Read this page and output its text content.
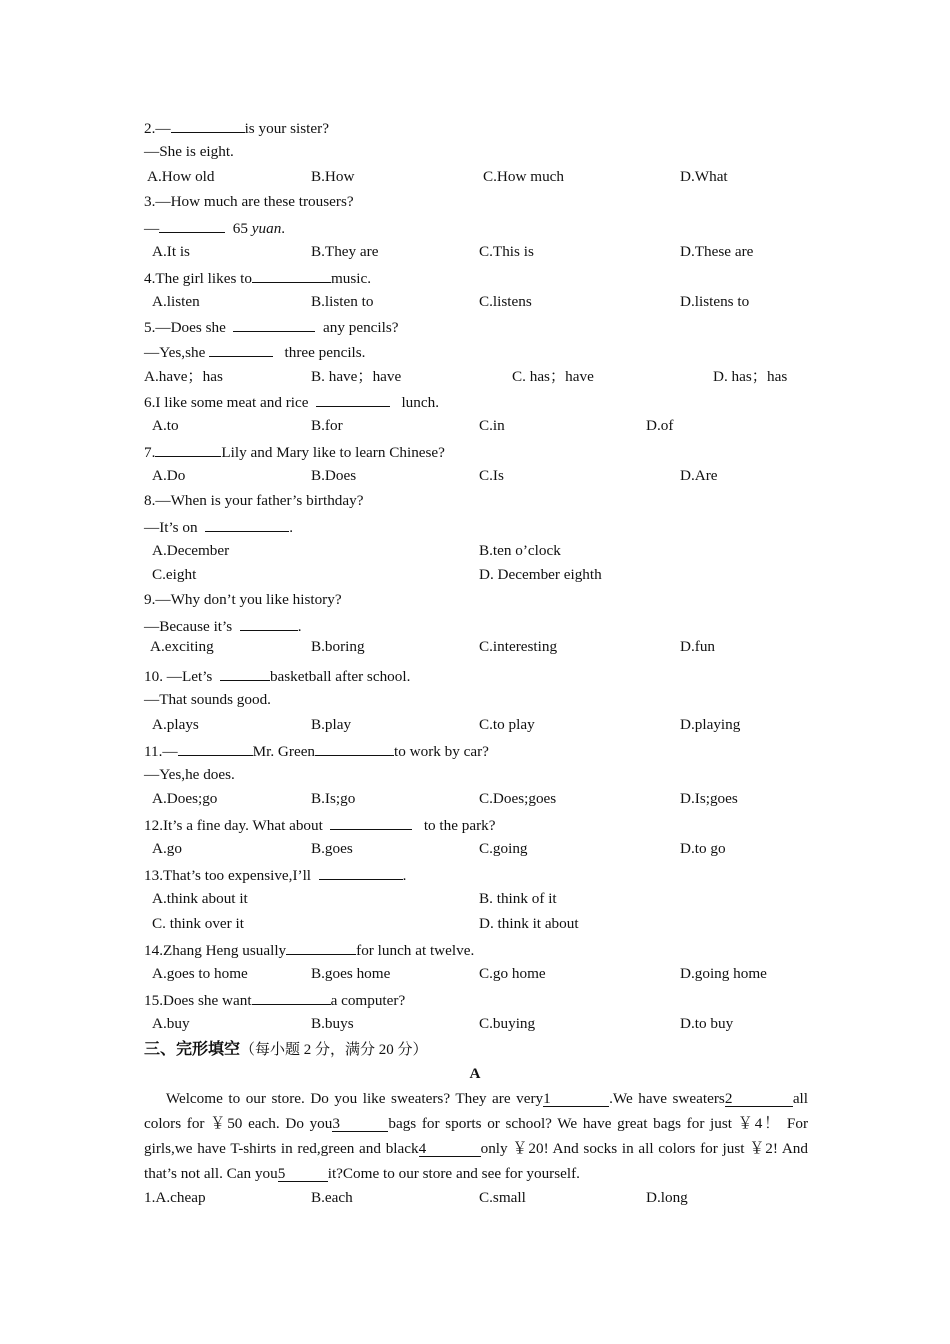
2.—	is your sister?
—She is eight.
A.How old	B.How	C.How much	D.What
3.—How much are these trousers?
—	65 yuan.
A.It is	B.They are	C.This is	D.These are
4.The girl likes to	music.
A.listen	B.listen to	C.listens	D.listens to
5.—Does she	any pencils?
—Yes,she	three pencils.
A.have；has	B. have；have	C. has；have	D. has；has
6.I like some meat and rice	lunch.
A.to	B.for	C.in	D.of
7.	Lily and Mary like to learn Chinese?
A.Do	B.Does	C.Is	D.Are
8.—When is your father’s birthday?
—It’s on	.
A.December	B.ten o’clock
C.eight	D. December eighth
9.—Why don’t you like history?
—Because it’s	.
A.exciting	B.boring	C.interesting	D.fun
10. —Let’s	basketball after school.
—That sounds good.
A.plays	B.play	C.to play	D.playing
11.—	Mr. Green	to work by car?
—Yes,he does.
A.Does;go	B.Is;go	C.Does;goes	D.Is;goes
12.It’s a fine day. What about	to the park?
A.go	B.goes	C.going	D.to go
13.That’s too expensive,I’ll	.
A.think about it	B. think of it
C. think over it	D. think it about
14.Zhang Heng usually	for lunch at twelve.
A.goes to home	B.goes home	C.go home	D.going home
15.Does she want	a computer?
A.buy	B.buys	C.buying	D.to buy
三、完形填空（每小题 2 分，满分 20 分）
A
Welcome to our store. Do you like sweaters? They are very1	.We have sweaters2	all colors for ￥50 each. Do you3	bags for sports or school? We have great bags for just ￥4！ For girls,we have T-shirts in red,green and black4	only ￥20! And socks in all colors for just ￥2! And that’s not all. Can you5	it?Come to our store and see for yourself.
1.A.cheap	B.each	C.small	D.long
